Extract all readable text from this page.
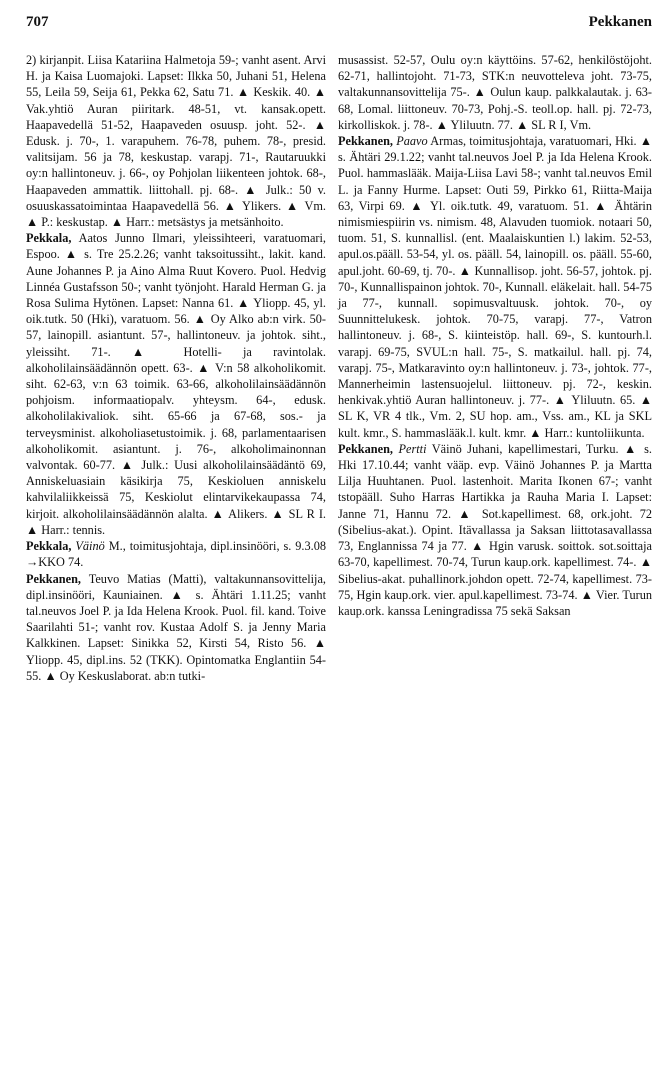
707	Pekkanen

2) kirjanpit. Liisa Katariina Halmetoja 59-; vanht asent. Arvi H. ja Kaisa Luomajoki. Lapset: Ilkka 50, Juhani 51, Helena 55, Leila 59, Seija 61, Pekka 62, Satu 71. ▲ Keskik. 40. ▲ Vak.yhtiö Auran piiritark. 48-51, vt. kansak.opett. Haapavedellä 51-52, Haapaveden osuusp. joht. 52-. ▲ Edusk. j. 70-, 1. varapuhem. 76-78, puhem. 78-, presid. valitsijam. 56 ja 78, keskustap. varapj. 71-, Rautaruukki oy:n hallintoneuv. j. 66-, oy Pohjolan liikenteen johtok. 68-, Haapaveden ammattik. liittohall. pj. 68-. ▲ Julk.: 50 v. osuuskassatoimintaa Haapavedellä 56. ▲ Ylikers. ▲ Vm. ▲ P.: keskustap. ▲ Harr.: metsästys ja metsänhoito.

Pekkala, Aatos Junno Ilmari, yleissihteeri, varatuomari, Espoo. ▲ s. Tre 25.2.26; vanht taksoitussiht., lakit. kand. Aune Johannes P. ja Aino Alma Ruut Kovero. Puol. Hedvig Linnéa Gustafsson 50-; vanht työnjoht. Harald Herman G. ja Rosa Sulima Hytönen. Lapset: Nanna 61. ▲ Yliopp. 45, yl. oik.tutk. 50 (Hki), varatuom. 56. ▲ Oy Alko ab:n virk. 50-57, lainopill. asiantunt. 57-, hallintoneuv. ja johtok. siht., yleissiht. 71-. ▲ Hotelli- ja ravintolak. alkoholilainsäädännön opett. 63-. ▲ V:n 58 alkoholikomit. siht. 62-63, v:n 63 toimik. 63-66, alkoholilainsäädännön pohjoism. informaatiopalv. yhteysm. 64-, edusk. alkoholilakivaliok. siht. 65-66 ja 67-68, sos.- ja terveysminist. alkoholiasetustoimik. j. 68, parlamentaarisen alkoholikomit. asiantunt. j. 76-, alkoholimainonnan valvontak. 60-77. ▲ Julk.: Uusi alkoholilainsäädäntö 69, Anniskeluasiain käsikirja 75, Keskioluen anniskelu kahvilaliikkeissä 75, Keskiolut elintarvikekaupassa 74, kirjoit. alkoholilainsäädännön alalta. ▲ Alikers. ▲ SL R I. ▲ Harr.: tennis.

Pekkala, Väinö M., toimitusjohtaja, dipl.insinööri, s. 9.3.08 →KKO 74.

Pekkanen, Teuvo Matias (Matti), valtakunnansovittelija, dipl.insinööri, Kauniainen. ▲ s. Ähtäri 1.11.25; vanht tal.neuvos Joel P. ja Ida Helena Krook. Puol. fil. kand. Toive Saarilahti 51-; vanht rov. Kustaa Adolf S. ja Jenny Maria Kalkkinen. Lapset: Sinikka 52, Kirsti 54, Risto 56. ▲ Yliopp. 45, dipl.ins. 52 (TKK). Opintomatka Englantiin 54-55. ▲ Oy Keskuslaborat. ab:n tutki-

musassist. 52-57, Oulu oy:n käyttöins. 57-62, henkilöstöjoht. 62-71, hallintojoht. 71-73, STK:n neuvotteleva joht. 73-75, valtakunnansovittelija 75-. ▲ Oulun kaup. palkkalautak. j. 63-68, Lomal. liittoneuv. 70-73, Pohj.-S. teoll.op. hall. pj. 72-73, kirkolliskok. j. 78-. ▲ Yliluutn. 77. ▲ SL R I, Vm.

Pekkanen, Paavo Armas, toimitusjohtaja, varatuomari, Hki. ▲ s. Ähtäri 29.1.22; vanht tal.neuvos Joel P. ja Ida Helena Krook. Puol. hammaslääk. Maija-Liisa Lavi 58-; vanht tal.neuvos Emil L. ja Fanny Hurme. Lapset: Outi 59, Pirkko 61, Riitta-Maija 63, Virpi 69. ▲ Yl. oik.tutk. 49, varatuom. 51. ▲ Ähtärin nimismiespiirin vs. nimism. 48, Alavuden tuomiok. notaari 50, tuom. 51, S. kunnallisl. (ent. Maalaiskuntien l.) lakim. 52-53, apul.os.pääll. 53-54, yl. os. pääll. 54, lainopill. os. pääll. 55-60, apul.joht. 60-69, tj. 70-. ▲ Kunnallisop. joht. 56-57, johtok. pj. 70-, Kunnallispainon johtok. 70-, Kunnall. eläkelait. hall. 54-75 ja 77-, kunnall. sopimusvaltuusk. johtok. 70-, oy Suunnittelukesk. johtok. 70-75, varapj. 77-, Vatron hallintoneuv. j. 68-, S. kiinteistöp. hall. 69-, S. kuntourh.l. varapj. 69-75, SVUL:n hall. 75-, S. matkailul. hall. pj. 74, varapj. 75-, Matkaravinto oy:n hallintoneuv. j. 73-, johtok. 77-, Mannerheimin lastensuojelul. liittoneuv. pj. 72-, keskin. henkivak.yhtiö Auran hallintoneuv. j. 77-. ▲ Yliluutn. 65. ▲ SL K, VR 4 tlk., Vm. 2, SU hop. am., Vss. am., KL ja SKL kult. kmr., S. hammaslääk.l. kult. kmr. ▲ Harr.: kuntoliikunta.

Pekkanen, Pertti Väinö Juhani, kapellimestari, Turku. ▲ s. Hki 17.10.44; vanht vääp. evp. Väinö Johannes P. ja Martta Lilja Huuhtanen. Puol. lastenhoit. Marita Ikonen 67-; vanht tstopääll. Suho Harras Hartikka ja Rauha Maria I. Lapset: Janne 71, Hannu 72. ▲ Sot.kapellimest. 68, ork.joht. 72 (Sibelius-akat.). Opint. Itävallassa ja Saksan liittotasavallassa 73, Englannissa 74 ja 77. ▲ Hgin varusk. soittok. sot.soittaja 63-70, kapellimest. 70-74, Turun kaup.ork. kapellimest. 74-. ▲ Sibelius-akat. puhallinork.johdon opett. 72-74, kapellimest. 73-75, Hgin kaup.ork. vier. apul.kapellimest. 73-74. ▲ Vier. Turun kaup.ork. kanssa Leningradissa 75 sekä Saksan
